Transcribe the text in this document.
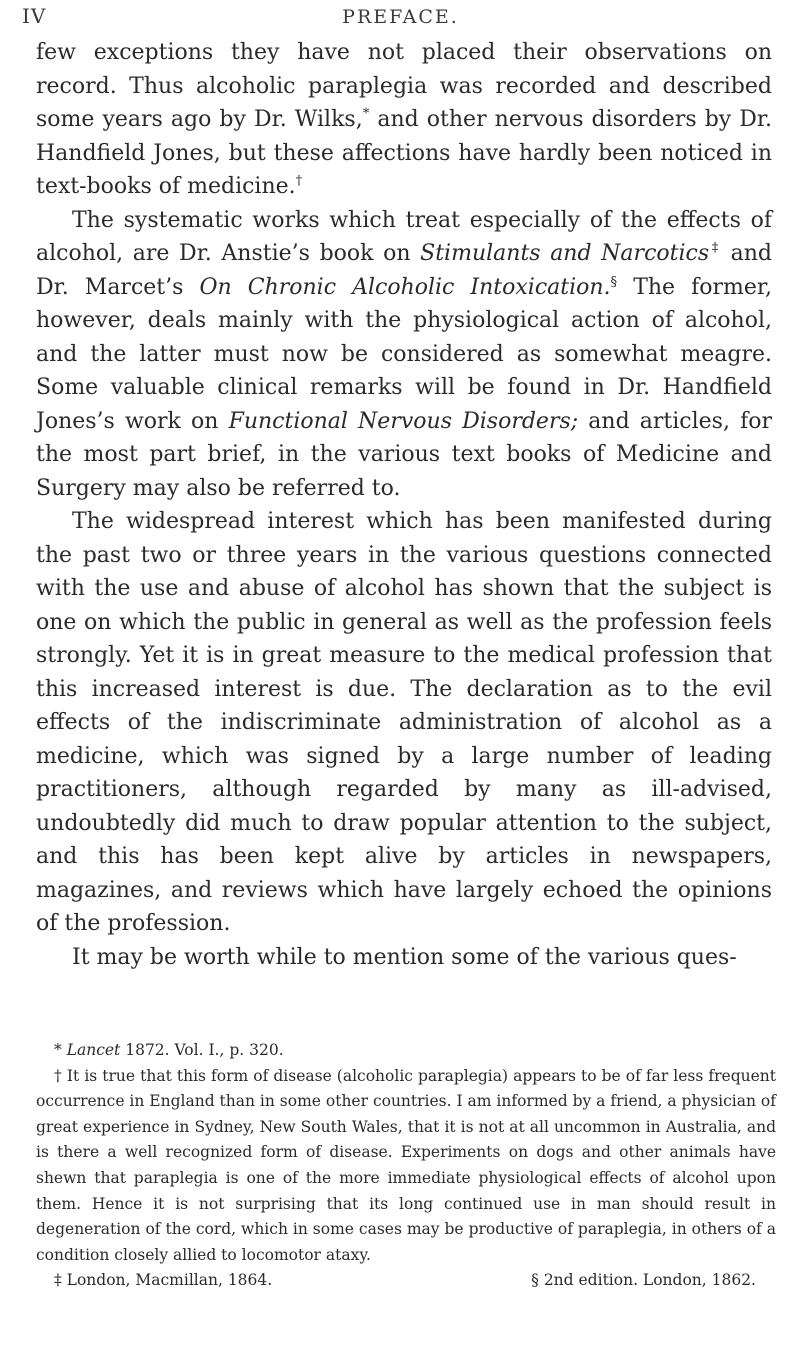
IV	PREFACE.

few exceptions they have not placed their observations on record. Thus alcoholic paraplegia was recorded and described some years ago by Dr. Wilks,* and other nervous disorders by Dr. Handfield Jones, but these affections have hardly been noticed in text-books of medicine.†

The systematic works which treat especially of the effects of alcohol, are Dr. Anstie’s book on Stimulants and Narcotics‡ and Dr. Marcet’s On Chronic Alcoholic Intoxication.§ The former, however, deals mainly with the physiological action of alcohol, and the latter must now be considered as somewhat meagre. Some valuable clinical remarks will be found in Dr. Handfield Jones’s work on Functional Nervous Disorders; and articles, for the most part brief, in the various text books of Medicine and Surgery may also be referred to.

The widespread interest which has been manifested during the past two or three years in the various questions connected with the use and abuse of alcohol has shown that the subject is one on which the public in general as well as the profession feels strongly. Yet it is in great measure to the medical profession that this increased interest is due. The declaration as to the evil effects of the indiscriminate administration of alcohol as a medicine, which was signed by a large number of leading practitioners, although regarded by many as ill-advised, undoubtedly did much to draw popular attention to the subject, and this has been kept alive by articles in newspapers, magazines, and reviews which have largely echoed the opinions of the profession.

It may be worth while to mention some of the various ques-

* Lancet 1872. Vol. I., p. 320.

† It is true that this form of disease (alcoholic paraplegia) appears to be of far less frequent occurrence in England than in some other countries. I am informed by a friend, a physician of great experience in Sydney, New South Wales, that it is not at all uncommon in Australia, and is there a well recognized form of disease. Experiments on dogs and other animals have shewn that paraplegia is one of the more immediate physiological effects of alcohol upon them. Hence it is not surprising that its long continued use in man should result in degeneration of the cord, which in some cases may be productive of paraplegia, in others of a condition closely allied to locomotor ataxy.

‡ London, Macmillan, 1864.	§ 2nd edition. London, 1862.
